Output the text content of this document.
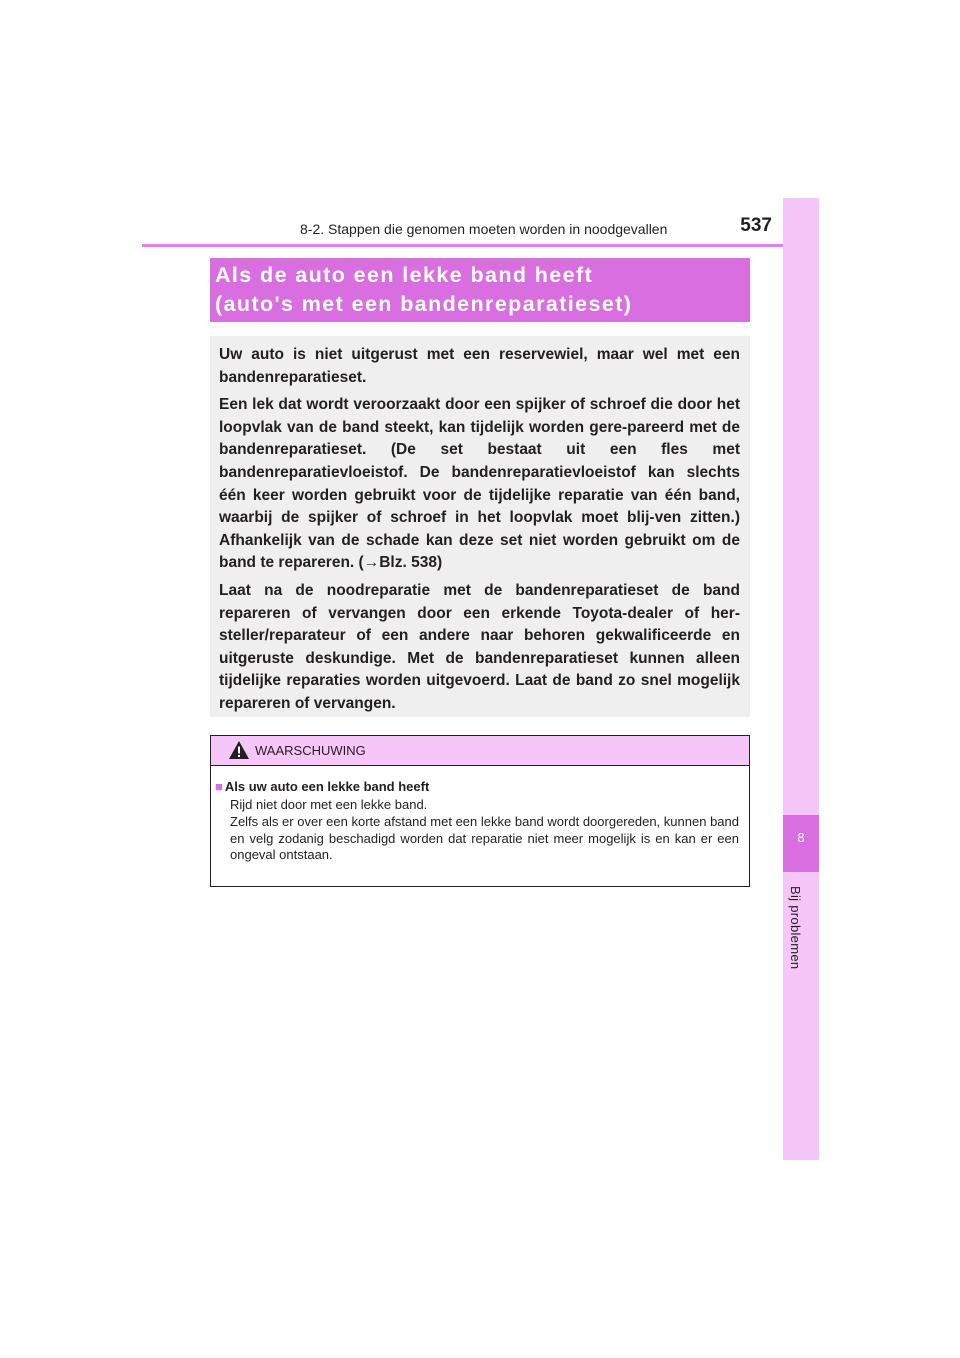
8-2. Stappen die genomen moeten worden in noodgevallen	537
8
Bij problemen
Als de auto een lekke band heeft
(auto's met een bandenreparatieset)

Uw auto is niet uitgerust met een reservewiel, maar wel met een bandenreparatieset.

Een lek dat wordt veroorzaakt door een spijker of schroef die door het loopvlak van de band steekt, kan tijdelijk worden gere-pareerd met de bandenreparatieset. (De set bestaat uit een fles met bandenreparatievloeistof. De bandenreparatievloeistof kan slechts één keer worden gebruikt voor de tijdelijke reparatie van één band, waarbij de spijker of schroef in het loopvlak moet blij-ven zitten.) Afhankelijk van de schade kan deze set niet worden gebruikt om de band te repareren. (→Blz. 538)

Laat na de noodreparatie met de bandenreparatieset de band repareren of vervangen door een erkende Toyota-dealer of her-steller/reparateur of een andere naar behoren gekwalificeerde en uitgeruste deskundige. Met de bandenreparatieset kunnen alleen tijdelijke reparaties worden uitgevoerd. Laat de band zo snel mogelijk repareren of vervangen.

WAARSCHUWING
■ Als uw auto een lekke band heeft
Rijd niet door met een lekke band.
Zelfs als er over een korte afstand met een lekke band wordt doorgereden, kunnen band en velg zodanig beschadigd worden dat reparatie niet meer mogelijk is en kan er een ongeval ontstaan.
